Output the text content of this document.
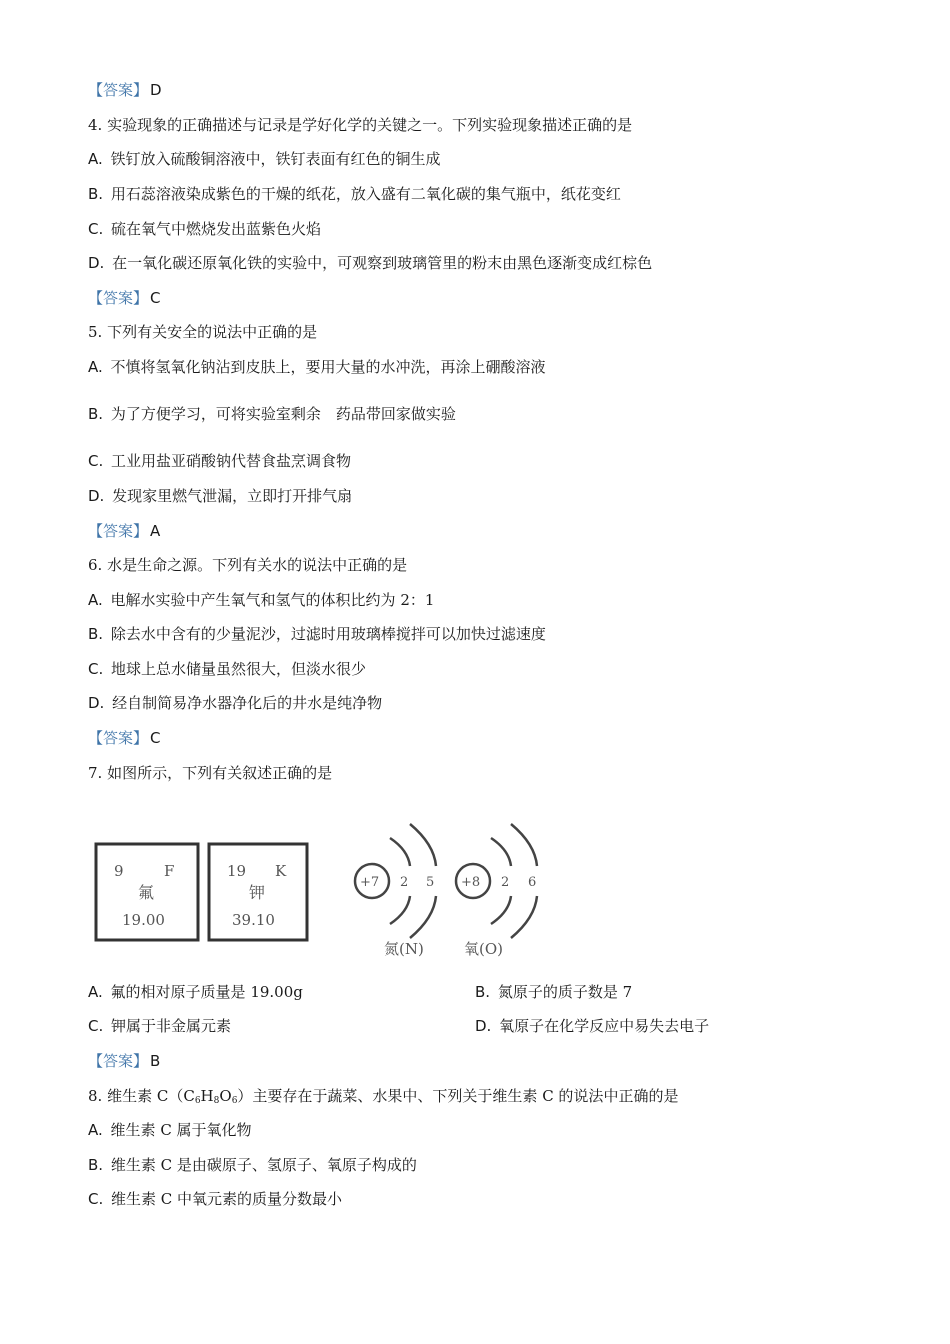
【答案】 D
4. 实验现象的正确描述与记录是学好化学的关键之一。下列实验现象描述正确的是
A. 铁钉放入硫酸铜溶液中，铁钉表面有红色的铜生成
B. 用石蕊溶液染成紫色的干燥的纸花，放入盛有二氧化碳的集气瓶中，纸花变红
C. 硫在氧气中燃烧发出蓝紫色火焰
D. 在一氧化碳还原氧化铁的实验中，可观察到玻璃管里的粉末由黑色逐渐变成红棕色
【答案】 C
5. 下列有关安全的说法中正确的是
A. 不慎将氢氧化钠沾到皮肤上，要用大量的水冲洗，再涂上硼酸溶液
B. 为了方便学习，可将实验室剩余　药品带回家做实验
C. 工业用盐亚硝酸钠代替食盐烹调食物
D. 发现家里燃气泄漏，立即打开排气扇
【答案】 A
6. 水是生命之源。下列有关水的说法中正确的是
A. 电解水实验中产生氧气和氢气的体积比约为 2：1
B. 除去水中含有的少量泥沙，过滤时用玻璃棒搅拌可以加快过滤速度
C. 地球上总水储量虽然很大，但淡水很少
D. 经自制简易净水器净化后的井水是纯净物
【答案】 C
7. 如图所示，下列有关叙述正确的是
9	F
氟
19.00
19 K
钾
39.10
+7 2 5
氮(N)
+8 2 6
氧(O)
A. 氟的相对原子质量是 19.00g	B. 氮原子的质子数是 7
C. 钾属于非金属元素	D. 氧原子在化学反应中易失去电子
【答案】 B
8. 维生素 $C(C_6H_8O_6)$主要存在于蔬菜、水果中、下列关于维生素 C 的说法中正确的是
A. 维生素 C 属于氧化物
B. 维生素 C 是由碳原子、氢原子、氧原子构成的
C. 维生素 C 中氧元素的质量分数最小
